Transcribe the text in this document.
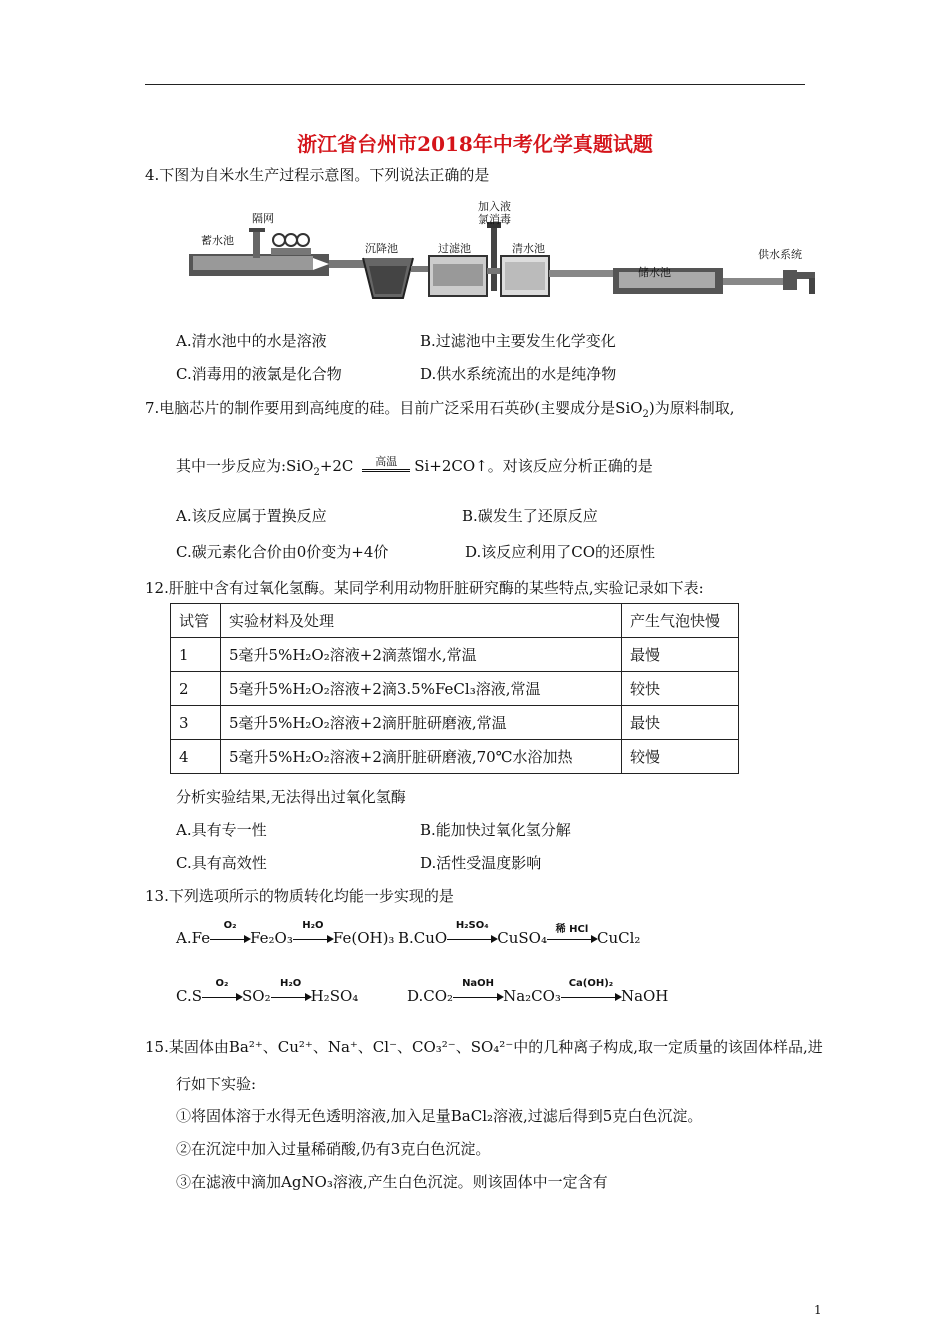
浙江省台州市2018年中考化学真题试题
4.下图为自米水生产过程示意图。下列说法正确的是
蓄水池
隔网
沉降池	过滤池
加入液
氯消毒
清水池
储水池
供水系统
A.清水池中的水是溶液	B.过滤池中主要发生化学变化
C.消毒用的液氯是化合物	D.供水系统流出的水是纯净物
7.电脑芯片的制作要用到高纯度的硅。目前广泛采用石英砂(主婴成分是SiO$_2$)为原料制取,
其中一步反应为:SiO$_2$+2C 高温 Si+2CO↑。对该反应分析正确的是
A.该反应属于置换反应	B.碳发生了还原反应
C.碳元素化合价由0价变为+4价	D.该反应利用了CO的还原性
12.肝脏中含有过氧化氢酶。某同学利用动物肝脏研究酶的某些特点,实验记录如下表:
试管	实验材料及处理	产生气泡快慢
1	5毫升5%H₂O₂溶液+2滴蒸馏水,常温	最慢
2	5毫升5%H₂O₂溶液+2滴3.5%FeCl₃溶液,常温	较快
3	5毫升5%H₂O₂溶液+2滴肝脏研磨液,常温	最快
4	5毫升5%H₂O₂溶液+2滴肝脏研磨液,70℃水浴加热	较慢
分析实验结果,无法得出过氧化氢酶
A.具有专一性	B.能加快过氧化氢分解
C.具有高效性	D.活性受温度影响
13.下列选项所示的物质转化均能一步实现的是
A.Fe
O₂
Fe₂O₃
H₂O
Fe(OH)₃ B.CuO
H₂SO₄
CuSO₄ 稀 HCl CuCl₂
C.S
O₂
SO₂
H₂O
H₂SO₄	D.CO₂
NaOH
Na₂CO₃
Ca(OH)₂
NaOH
15.某固体由Ba²⁺、Cu²⁺、Na⁺、Cl⁻、CO₃²⁻、SO₄²⁻中的几种离子构成,取一定质量的该固体样品,进
行如下实验:
①将固体溶于水得无色透明溶液,加入足量BaCl₂溶液,过滤后得到5克白色沉淀。
②在沉淀中加入过量稀硝酸,仍有3克白色沉淀。
③在滤液中滴加AgNO₃溶液,产生白色沉淀。则该固体中一定含有
1
